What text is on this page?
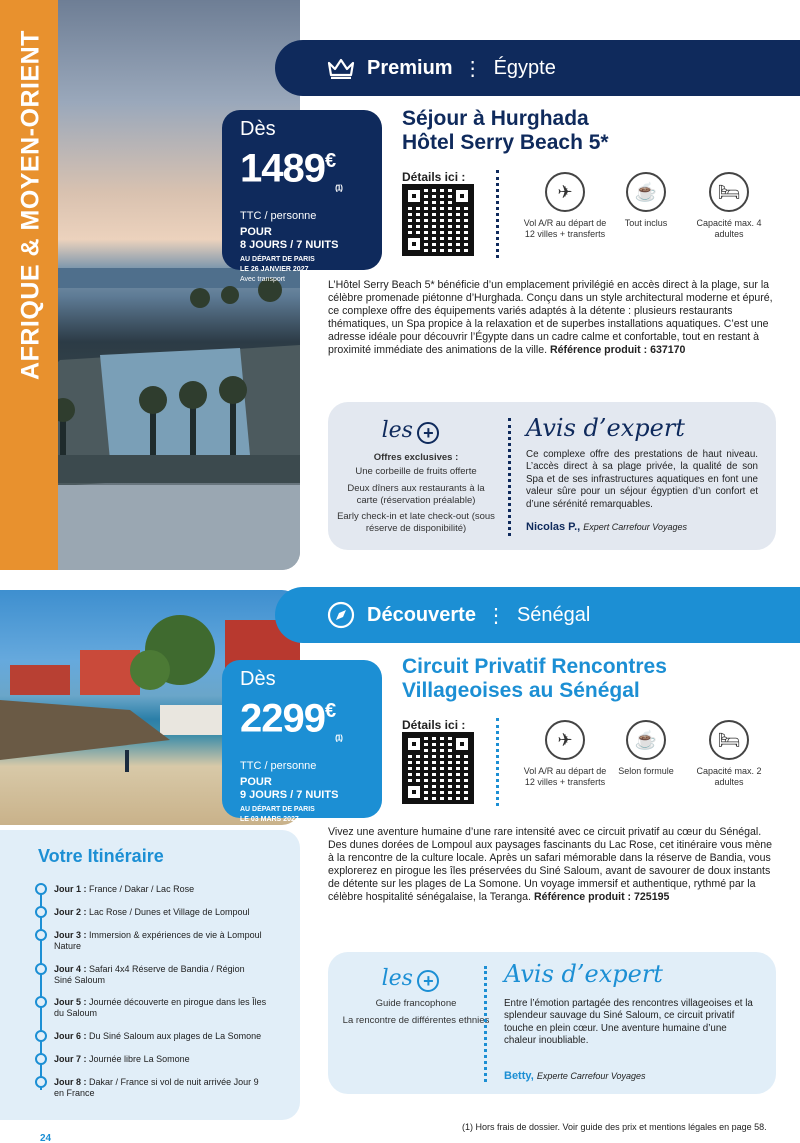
AFRIQUE & MOYEN-ORIENT	Premium ⋮ Égypte
Dès
$1489^€_{(1)}$
TTC / personne
POUR
8 JOURS / 7 NUITS
AU DÉPART DE PARIS
LE 26 JANVIER 2027
Avec transport
Séjour à Hurghada
Hôtel Serry Beach 5*
Détails ici :
✈
Vol A/R au départ de 12 villes + transferts
☕
Tout inclus
🛏
Capacité max. 4 adultes
L’Hôtel Serry Beach 5* bénéficie d’un emplacement privilégié en accès direct à la plage, sur la célèbre promenade piétonne d’Hurghada. Conçu dans un style architectural moderne et épuré, ce complexe offre des équipements variés adaptés à la détente : plusieurs restaurants thématiques, un Spa propice à la relaxation et de superbes installations aquatiques. C’est une adresse idéale pour découvrir l’Égypte dans un cadre calme et confortable, tout en restant à proximité immédiate des animations de la ville. Référence produit : 637170
les +
Offres exclusives :
Une corbeille de fruits offerte
Deux dîners aux restaurants à la carte (réservation préalable)
Early check-in et late check-out (sous réserve de disponibilité)
Avis d’expert
Ce complexe offre des prestations de haut niveau. L’accès direct à sa plage privée, la qualité de son Spa et de ses infrastructures aquatiques en font une valeur sûre pour un séjour égyptien d’un confort et d’une sérénité remarquables.
Nicolas P., Expert Carrefour Voyages
Découverte ⋮ Sénégal
Dès
$2299^€_{(1)}$
TTC / personne
POUR
9 JOURS / 7 NUITS
AU DÉPART DE PARIS
LE 03 MARS 2027
Circuit Privatif Rencontres
Villageoises au Sénégal
Détails ici :
✈
Vol A/R au départ de 12 villes + transferts
☕
Selon formule
🛏
Capacité max. 2 adultes
Vivez une aventure humaine d’une rare intensité avec ce circuit privatif au cœur du Sénégal. Des dunes dorées de Lompoul aux paysages fascinants du Lac Rose, cet itinéraire vous mène à la rencontre de la culture locale. Après un safari mémorable dans la réserve de Bandia, vous explorerez en pirogue les îles préservées du Siné Saloum, avant de savourer de doux instants de détente sur les plages de La Somone. Un voyage immersif et authentique, rythmé par la célèbre hospitalité sénégalaise, la Teranga. Référence produit : 725195
les +
Guide francophone
La rencontre de différentes ethnies
Avis d’expert
Entre l’émotion partagée des rencontres villageoises et la splendeur sauvage du Siné Saloum, ce circuit privatif touche en plein cœur. Une aventure humaine d’une chaleur inoubliable.
Betty, Experte Carrefour Voyages
Votre Itinéraire
Jour 1 : France / Dakar / Lac Rose
Jour 2 : Lac Rose / Dunes et Village de Lompoul
Jour 3 : Immersion & expériences de vie à Lompoul Nature
Jour 4 : Safari 4x4 Réserve de Bandia / Région Siné Saloum
Jour 5 : Journée découverte en pirogue dans les Îles du Saloum
Jour 6 : Du Siné Saloum aux plages de La Somone
Jour 7 : Journée libre La Somone
Jour 8 : Dakar / France si vol de nuit arrivée Jour 9 en France
(1) Hors frais de dossier. Voir guide des prix et mentions légales en page 58.
24
